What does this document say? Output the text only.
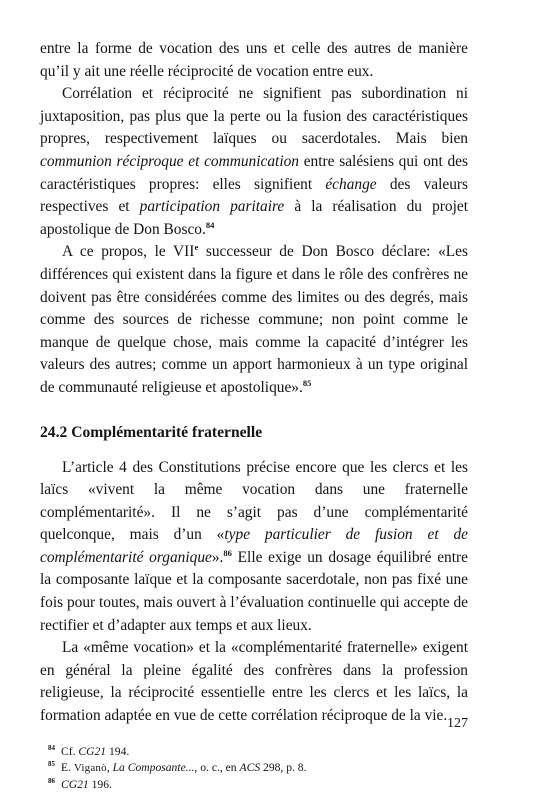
entre la forme de vocation des uns et celle des autres de manière qu’il y ait une réelle réciprocité de vocation entre eux.

Corrélation et réciprocité ne signifient pas subordination ni juxtaposition, pas plus que la perte ou la fusion des caractéristiques propres, respectivement laïques ou sacerdotales. Mais bien communion réciproque et communication entre salésiens qui ont des caractéristiques propres: elles signifient échange des valeurs respectives et participation paritaire à la réalisation du projet apostolique de Don Bosco.$^{84}$

A ce propos, le VIIe successeur de Don Bosco déclare: «Les différences qui existent dans la figure et dans le rôle des confrères ne doivent pas être considérées comme des limites ou des degrés, mais comme des sources de richesse commune; non point comme le manque de quelque chose, mais comme la capacité d’intégrer les valeurs des autres; comme un apport harmonieux à un type original de communauté religieuse et apostolique».$^{85}$

24.2 Complémentarité fraternelle

L’article 4 des Constitutions précise encore que les clercs et les laïcs «vivent la même vocation dans une fraternelle complémentarité». Il ne s’agit pas d’une complémentarité quelconque, mais d’un «type particulier de fusion et de complémentarité organique».$^{86}$ Elle exige un dosage équilibré entre la composante laïque et la composante sacerdotale, non pas fixé une fois pour toutes, mais ouvert à l’évaluation continuelle qui accepte de rectifier et d’adapter aux temps et aux lieux.

La «même vocation» et la «complémentarité fraternelle» exigent en général la pleine égalité des confrères dans la profession religieuse, la réciprocité essentielle entre les clercs et les laïcs, la formation adaptée en vue de cette corrélation réciproque de la vie.

$^{84}$ Cf. CG21 194.

$^{85}$ E. Viganò, La Composante..., o. c., en ACS 298, p. 8.

$^{86}$ CG21 196.

127
